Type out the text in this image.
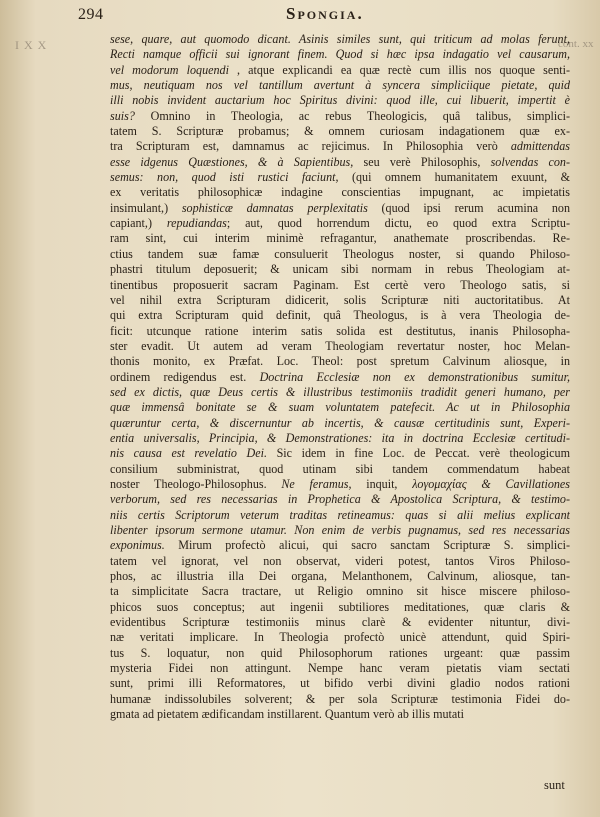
294	Spongia.
I X X	cont. xx
sese, quare, aut quomodo dicant. Asinis similes sunt, qui triticum ad molas ferunt,
Recti namque officii sui ignorant finem. Quod si hæc ipsa indagatio vel causarum,
vel modorum loquendi , atque explicandi ea quæ rectè cum illis nos quoque senti-
mus, neutiquam nos vel tantillum avertunt à syncera simpliciique pietate, quid
illi nobis invident auctarium hoc Spiritus divini: quod ille, cui libuerit, impertit è
suis? Omnino in Theologia, ac rebus Theologicis, quâ talibus, simplici-
tatem S. Scripturæ probamus; & omnem curiosam indagationem quæ ex-
tra Scripturam est, damnamus ac rejicimus. In Philosophia verò admittendas
esse idgenus Quæstiones, & à Sapientibus, seu verè Philosophis, solvendas con-
semus: non, quod isti rustici faciunt, (qui omnem humanitatem exuunt, &
ex veritatis philosophicæ indagine conscientias impugnant, ac impietatis
insimulant,) sophisticæ damnatas perplexitatis (quod ipsi rerum acumina non
capiant,) repudiandas; aut, quod horrendum dictu, eo quod extra Scriptu-
ram sint, cui interim minimè refragantur, anathemate proscribendas. Re-
ctius tandem suæ famæ consuluerit Theologus noster, si quando Philoso-
phastri titulum deposuerit; & unicam sibi normam in rebus Theologiam at-
tinentibus proposuerit sacram Paginam. Est certè vero Theologo satis, si
vel nihil extra Scripturam didicerit, solis Scripturæ niti auctoritatibus. At
qui extra Scripturam quid definit, quâ Theologus, is à vera Theologia de-
ficit: utcunque ratione interim satis solida est destitutus, inanis Philosopha-
ster evadit. Ut autem ad veram Theologiam revertatur noster, hoc Melan-
thonis monito, ex Præfat. Loc. Theol: post spretum Calvinum aliosque, in
ordinem redigendus est. Doctrina Ecclesiæ non ex demonstrationibus sumitur,
sed ex dictis, quæ Deus certis & illustribus testimoniis tradidit generi humano, per
quæ immensâ bonitate se & suam voluntatem patefecit. Ac ut in Philosophia
quæruntur certa, & discernuntur ab incertis, & causæ certitudinis sunt, Experi-
entia universalis, Principia, & Demonstrationes: ita in doctrina Ecclesiæ certitudi-
nis causa est revelatio Dei. Sic idem in fine Loc. de Peccat. verè theologicum
consilium subministrat, quod utinam sibi tandem commendatum habeat
noster Theologo-Philosophus. Ne feramus, inquit, λογομαχίας & Cavillationes
verborum, sed res necessarias in Prophetica & Apostolica Scriptura, & testimo-
niis certis Scriptorum veterum traditas retineamus: quas si alii melius explicant
libenter ipsorum sermone utamur. Non enim de verbis pugnamus, sed res necessarias
exponimus. Mirum profectò alicui, qui sacro sanctam Scripturæ S. simplici-
tatem vel ignorat, vel non observat, videri potest, tantos Viros Philoso-
phos, ac illustria illa Dei organa, Melanthonem, Calvinum, aliosque, tan-
ta simplicitate Sacra tractare, ut Religio omnino sit hisce miscere philoso-
phicos suos conceptus; aut ingenii subtiliores meditationes, quæ claris &
evidentibus Scripturæ testimoniis minus clarè & evidenter nituntur, divi-
næ veritati implicare. In Theologia profectò unicè attendunt, quid Spiri-
tus S. loquatur, non quid Philosophorum rationes urgeant: quæ passim
mysteria Fidei non attingunt. Nempe hanc veram pietatis viam sectati
sunt, primi illi Reformatores, ut bifido verbi divini gladio nodos rationi
humanæ indissolubiles solverent; & per sola Scripturæ testimonia Fidei do-
gmata ad pietatem ædificandam instillarent. Quantum verò ab illis mutati
sunt
